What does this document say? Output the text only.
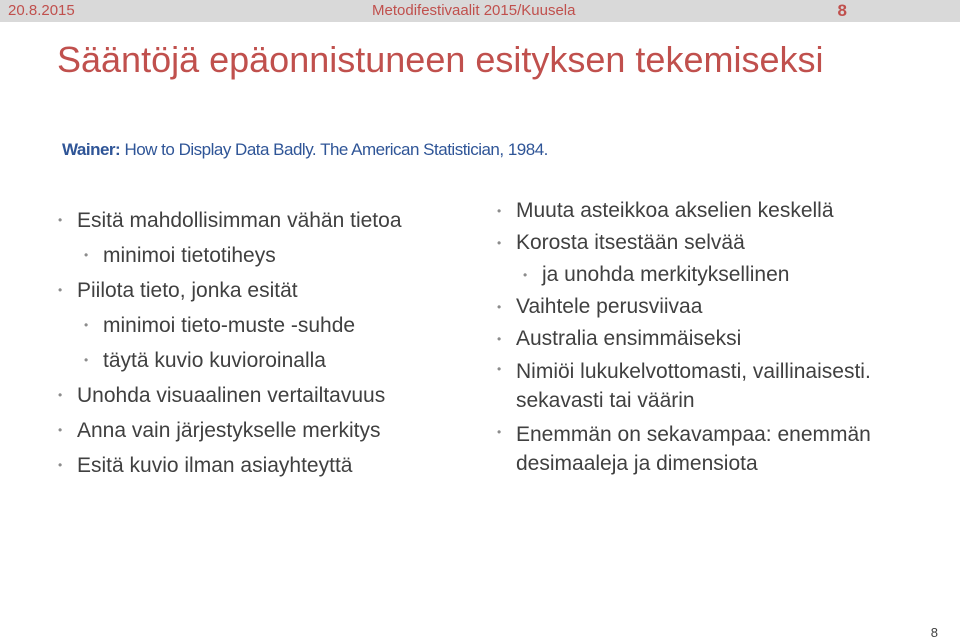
20.8.2015	Metodifestivaalit 2015/Kuusela	8
Sääntöjä epäonnistuneen esityksen tekemiseksi
Wainer: How to Display Data Badly. The American Statistician, 1984.
• Esitä mahdollisimman vähän tietoa
• minimoi tietotiheys
• Piilota tieto, jonka esität
• minimoi tieto-muste -suhde
• täytä kuvio kuvioroinalla
• Unohda visuaalinen vertailtavuus
• Anna vain järjestykselle merkitys
• Esitä kuvio ilman asiayhteyttä
• Muuta asteikkoa akselien keskellä
• Korosta itsestään selvää
• ja unohda merkityksellinen
• Vaihtele perusviivaa
• Australia ensimmäiseksi
• Nimiöi lukukelvottomasti, vaillinaisesti. sekavasti tai väärin
• Enemmän on sekavampaa: enemmän desimaaleja ja dimensiota
8
